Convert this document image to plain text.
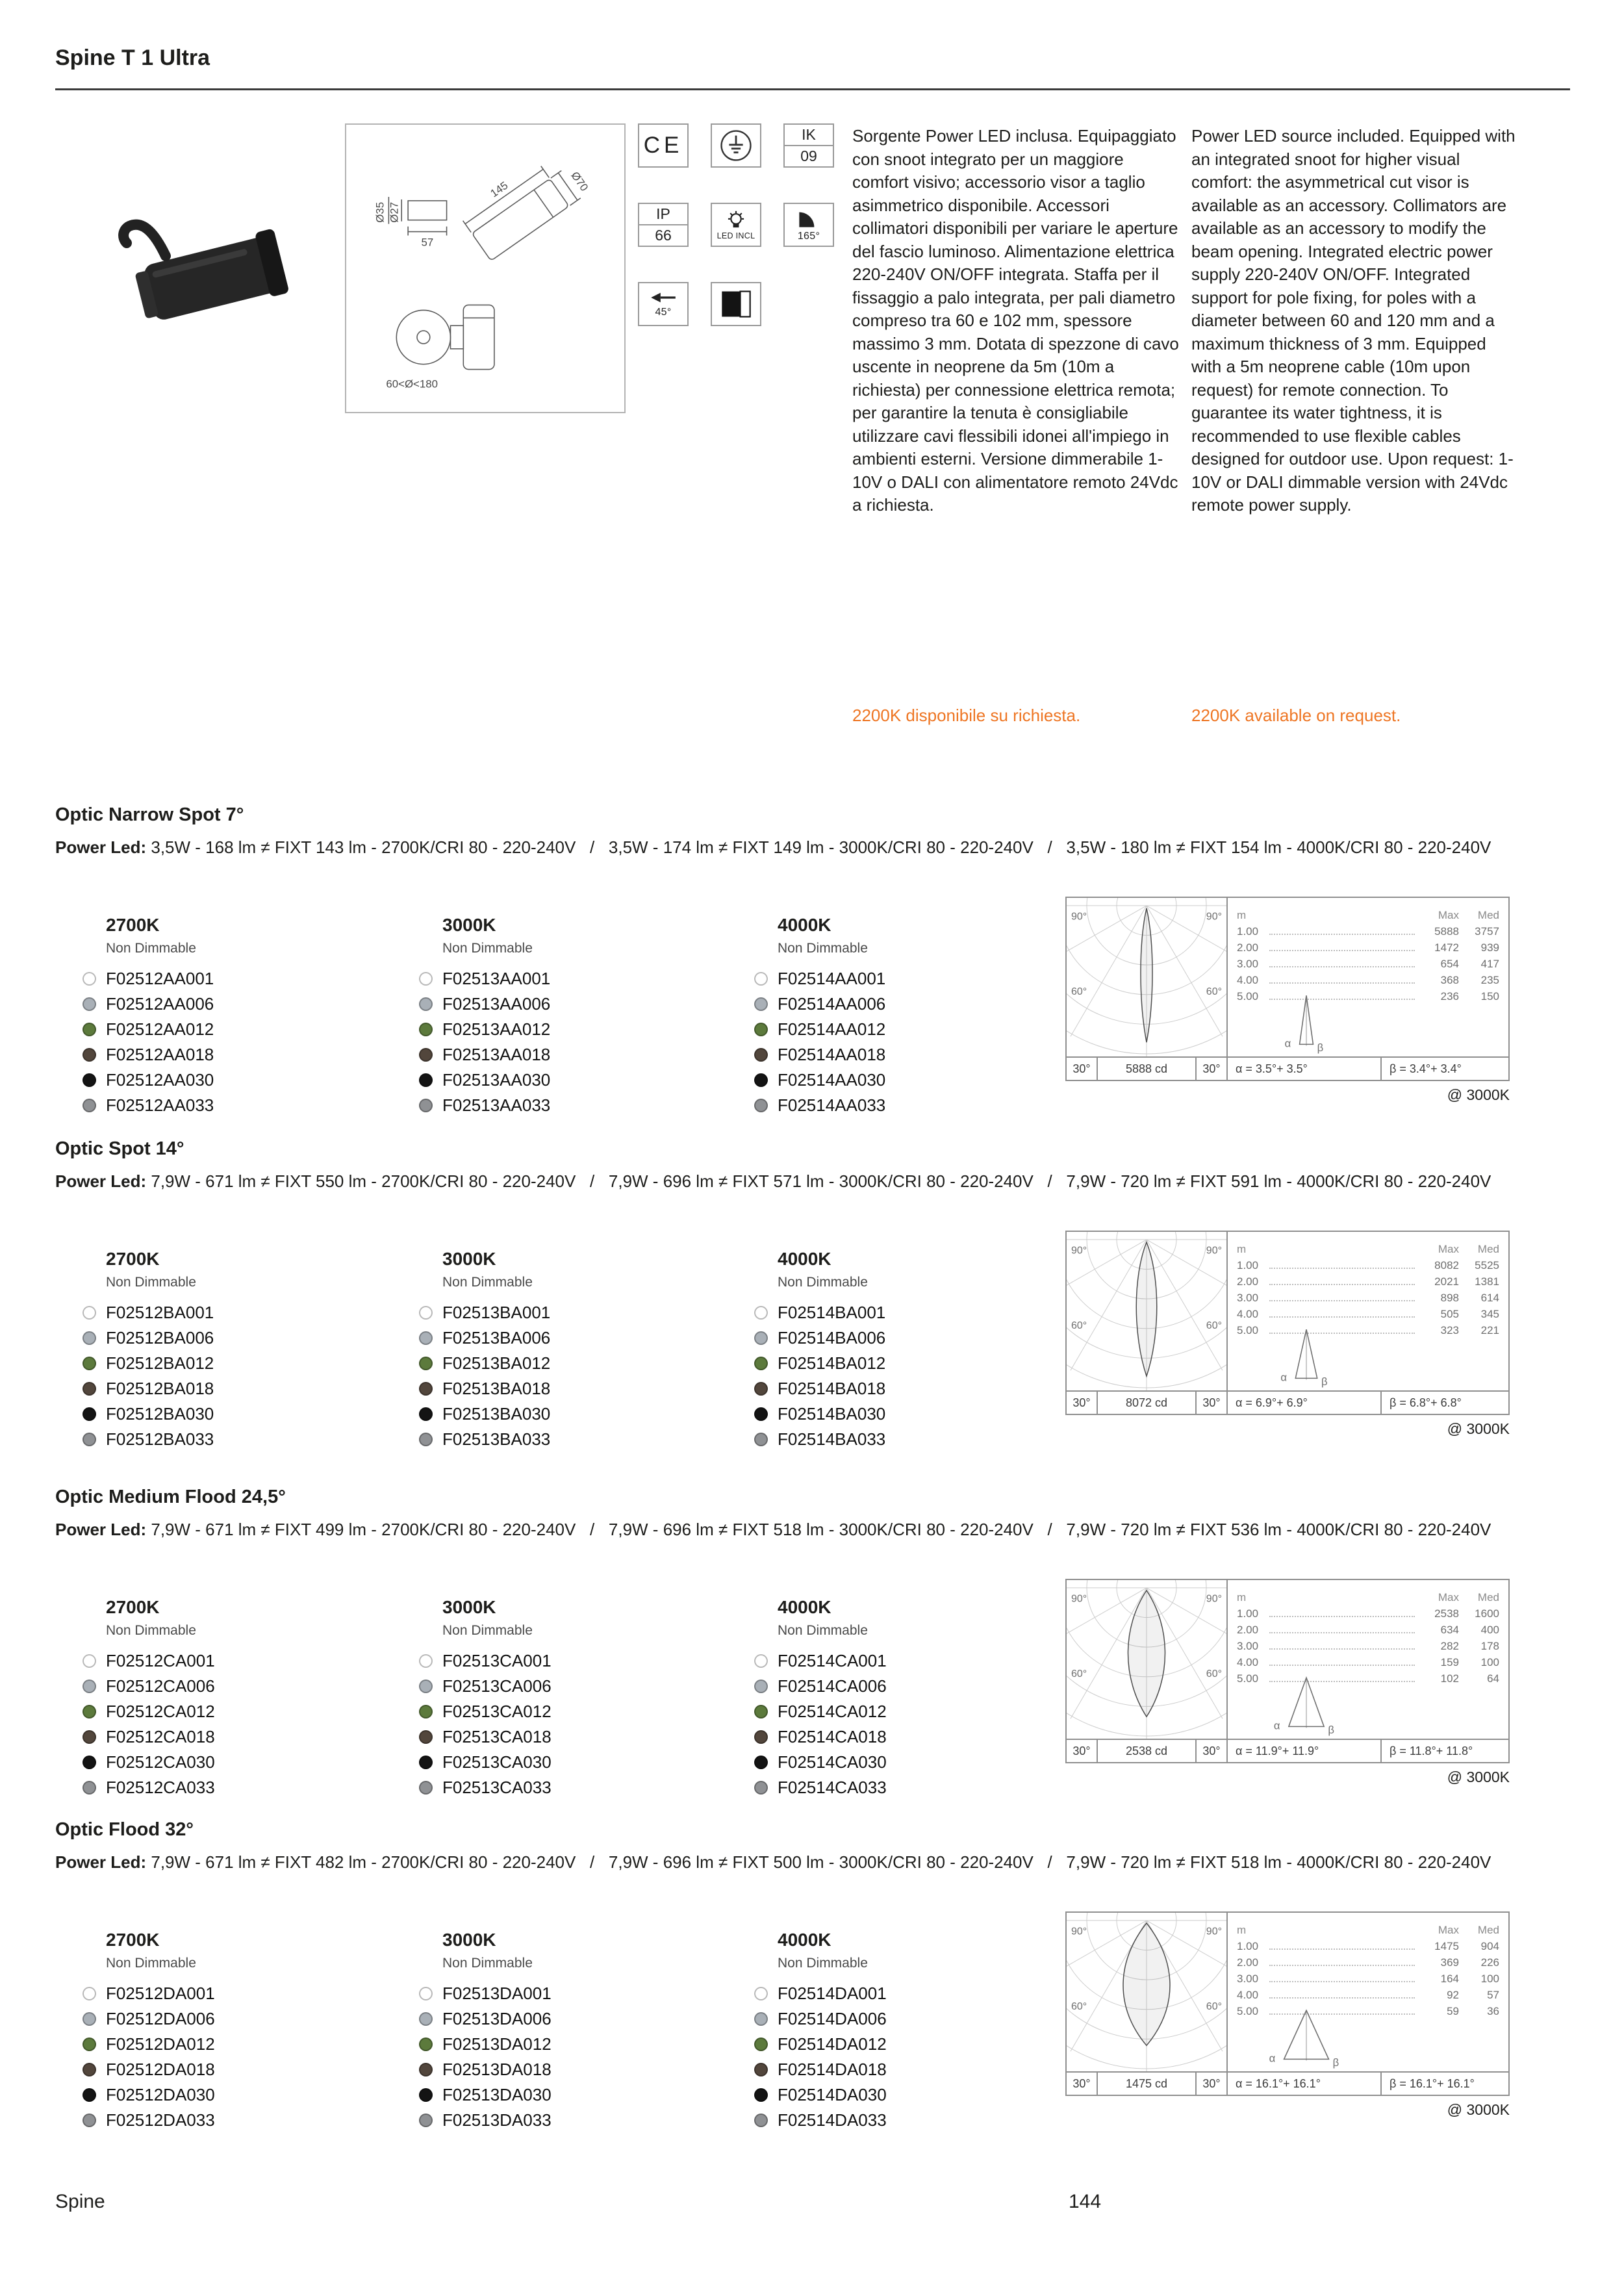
Spine T 1 Ultra
145	Ø70
Ø35 Ø27
57
60<Ø<180
CE	IK
09
IP
66	LED INCL	165°
45°

Sorgente Power LED inclusa. Equipaggiato con snoot integrato per un maggiore comfort visivo; accessorio visor a taglio asimmetrico disponibile. Accessori collimatori disponibili per variare le aperture del fascio luminoso. Alimentazione elettrica 220-240V ON/OFF integrata. Staffa per il fissaggio a palo integrata, per pali diametro compreso tra 60 e 102 mm, spessore massimo 3 mm. Dotata di spezzone di cavo uscente in neoprene da 5m (10m a richiesta) per connessione elettrica remota; per garantire la tenuta è consigliabile utilizzare cavi flessibili idonei all'impiego in ambienti esterni. Versione dimmerabile 1-10V o DALI con alimentatore remoto 24Vdc a richiesta.

Power LED source included. Equipped with an integrated snoot for higher visual comfort: the asymmetrical cut visor is available as an accessory. Collimators are available as an accessory to modify the beam opening. Integrated electric power supply 220-240V ON/OFF. Integrated support for pole fixing, for poles with a diameter between 60 and 120 mm and a maximum thickness of 3 mm. Equipped with a 5m neoprene cable (10m upon request) for remote connection. To guarantee its water tightness, it is recommended to use flexible cables designed for outdoor use. Upon request: 1-10V or DALI dimmable version with 24Vdc remote power supply.

2200K disponibile su richiesta.	2200K available on request.

Optic Narrow Spot 7°

Power Led: 3,5W - 168 lm ≠ FIXT 143 lm - 2700K/CRI 80 - 220-240V   /   3,5W - 174 lm ≠ FIXT 149 lm - 3000K/CRI 80 - 220-240V   /   3,5W - 180 lm ≠ FIXT 154 lm - 4000K/CRI 80 - 220-240V

2700K
Non Dimmable
F02512AA001
F02512AA006
F02512AA012
F02512AA018
F02512AA030
F02512AA033
3000K
Non Dimmable
F02513AA001
F02513AA006
F02513AA012
F02513AA018
F02513AA030
F02513AA033
4000K
Non Dimmable
F02514AA001
F02514AA006
F02514AA012
F02514AA018
F02514AA030
F02514AA033
90°	90°
60°	60°
m	Max	Med
1.00	5888	3757
2.00	1472	939
3.00	654	417
4.00	368	235
5.00	236	150
α	β
30°	5888 cd	30°	α = 3.5°+ 3.5°	β = 3.4°+ 3.4°
@ 3000K
Optic Spot 14°

Power Led: 7,9W - 671 lm ≠ FIXT 550 lm - 2700K/CRI 80 - 220-240V   /   7,9W - 696 lm ≠ FIXT 571 lm - 3000K/CRI 80 - 220-240V   /   7,9W - 720 lm ≠ FIXT 591 lm - 4000K/CRI 80 - 220-240V

2700K
Non Dimmable
F02512BA001
F02512BA006
F02512BA012
F02512BA018
F02512BA030
F02512BA033
3000K
Non Dimmable
F02513BA001
F02513BA006
F02513BA012
F02513BA018
F02513BA030
F02513BA033
4000K
Non Dimmable
F02514BA001
F02514BA006
F02514BA012
F02514BA018
F02514BA030
F02514BA033
90°	90°
60°	60°
m	Max	Med
1.00	8082	5525
2.00	2021	1381
3.00	898	614
4.00	505	345
5.00	323	221
α	β
30°	8072 cd	30°	α = 6.9°+ 6.9°	β = 6.8°+ 6.8°
@ 3000K
Optic Medium Flood 24,5°

Power Led: 7,9W - 671 lm ≠ FIXT 499 lm - 2700K/CRI 80 - 220-240V   /   7,9W - 696 lm ≠ FIXT 518 lm - 3000K/CRI 80 - 220-240V   /   7,9W - 720 lm ≠ FIXT 536 lm - 4000K/CRI 80 - 220-240V

2700K
Non Dimmable
F02512CA001
F02512CA006
F02512CA012
F02512CA018
F02512CA030
F02512CA033
3000K
Non Dimmable
F02513CA001
F02513CA006
F02513CA012
F02513CA018
F02513CA030
F02513CA033
4000K
Non Dimmable
F02514CA001
F02514CA006
F02514CA012
F02514CA018
F02514CA030
F02514CA033
90°	90°
60°	60°
m	Max	Med
1.00	2538	1600
2.00	634	400
3.00	282	178
4.00	159	100
5.00	102	64
α	β
30°	2538 cd	30°	α = 11.9°+ 11.9°	β = 11.8°+ 11.8°
@ 3000K
Optic Flood 32°

Power Led: 7,9W - 671 lm ≠ FIXT 482 lm - 2700K/CRI 80 - 220-240V   /   7,9W - 696 lm ≠ FIXT 500 lm - 3000K/CRI 80 - 220-240V   /   7,9W - 720 lm ≠ FIXT 518 lm - 4000K/CRI 80 - 220-240V

2700K
Non Dimmable
F02512DA001
F02512DA006
F02512DA012
F02512DA018
F02512DA030
F02512DA033
3000K
Non Dimmable
F02513DA001
F02513DA006
F02513DA012
F02513DA018
F02513DA030
F02513DA033
4000K
Non Dimmable
F02514DA001
F02514DA006
F02514DA012
F02514DA018
F02514DA030
F02514DA033
90°	90°
60°	60°
m	Max	Med
1.00	1475	904
2.00	369	226
3.00	164	100
4.00	92	57
5.00	59	36
α	β
30°	1475 cd	30°	α = 16.1°+ 16.1°	β = 16.1°+ 16.1°
@ 3000K
Spine	144
